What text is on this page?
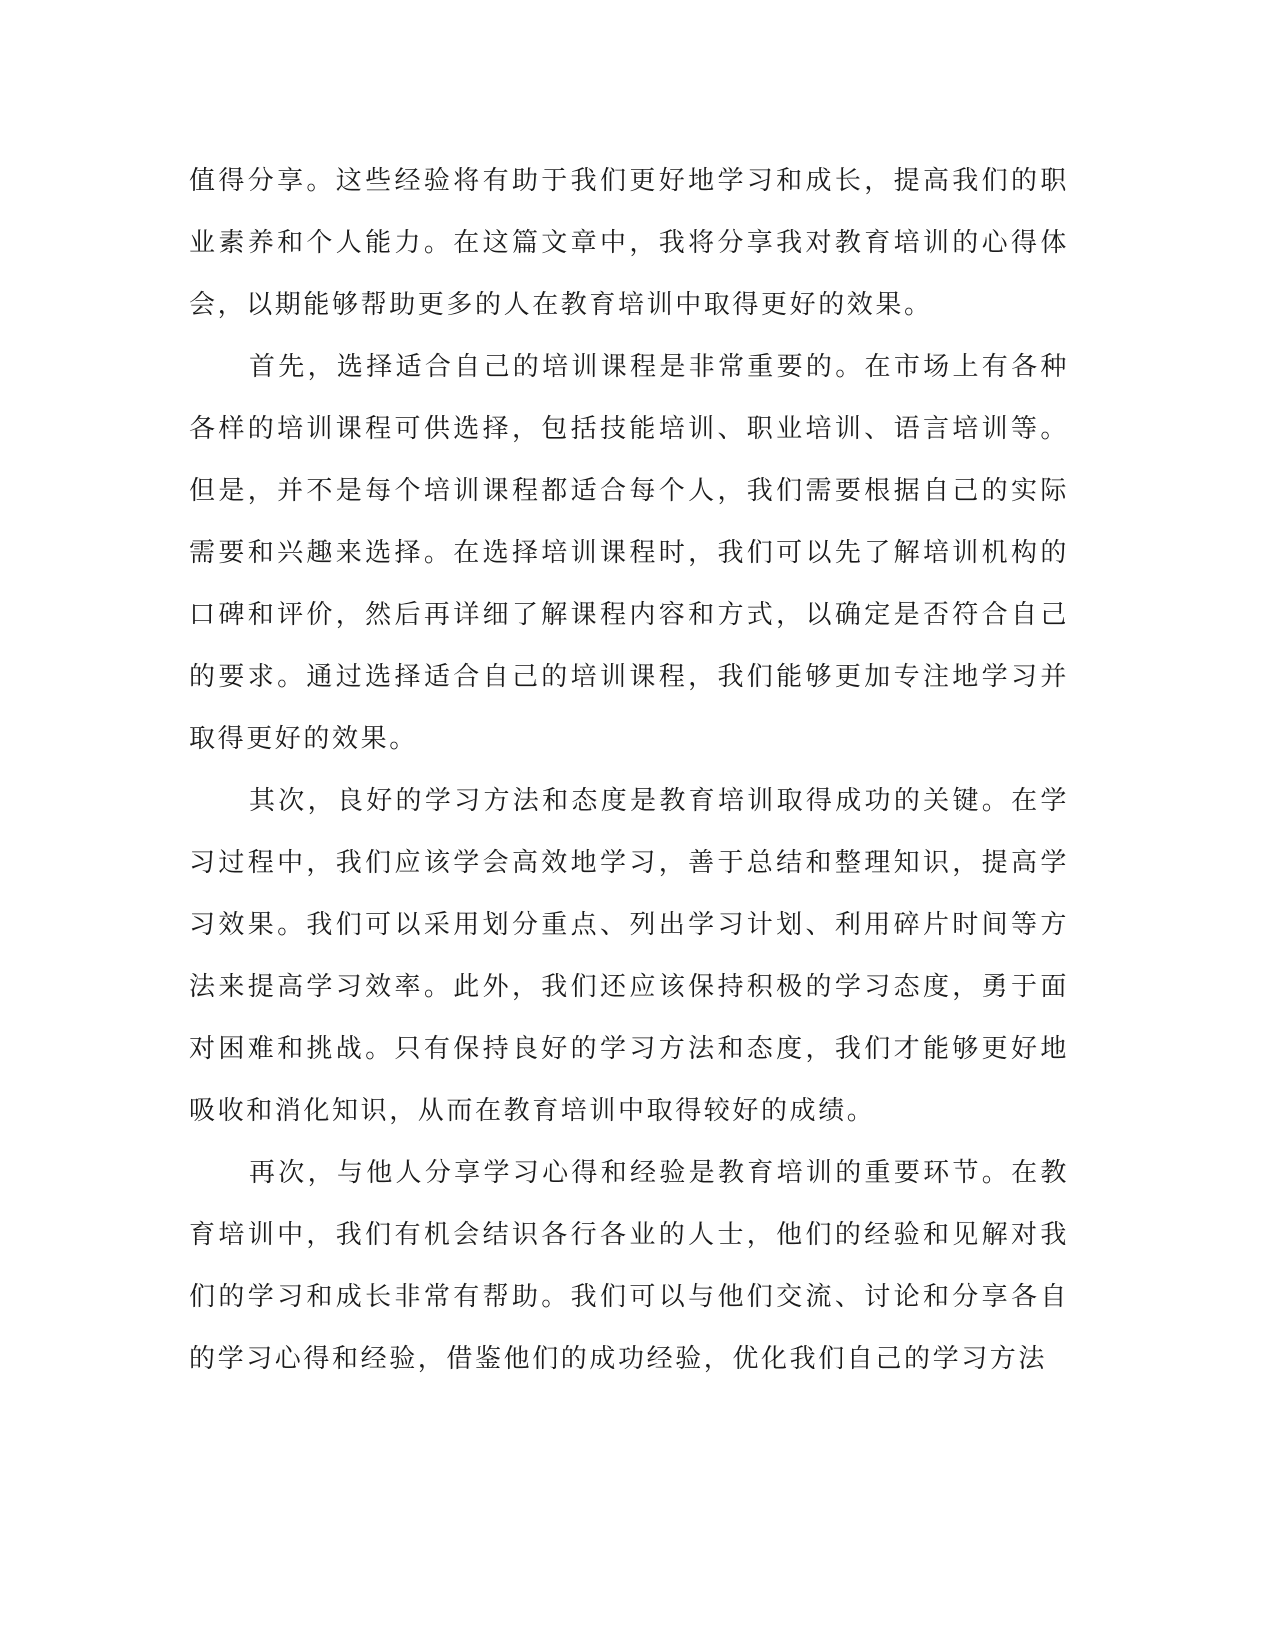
值得分享。这些经验将有助于我们更好地学习和成长，提高我们的职业素养和个人能力。在这篇文章中，我将分享我对教育培训的心得体会，以期能够帮助更多的人在教育培训中取得更好的效果。

首先，选择适合自己的培训课程是非常重要的。在市场上有各种各样的培训课程可供选择，包括技能培训、职业培训、语言培训等。但是，并不是每个培训课程都适合每个人，我们需要根据自己的实际需要和兴趣来选择。在选择培训课程时，我们可以先了解培训机构的口碑和评价，然后再详细了解课程内容和方式，以确定是否符合自己的要求。通过选择适合自己的培训课程，我们能够更加专注地学习并取得更好的效果。

其次，良好的学习方法和态度是教育培训取得成功的关键。在学习过程中，我们应该学会高效地学习，善于总结和整理知识，提高学习效果。我们可以采用划分重点、列出学习计划、利用碎片时间等方法来提高学习效率。此外，我们还应该保持积极的学习态度，勇于面对困难和挑战。只有保持良好的学习方法和态度，我们才能够更好地吸收和消化知识，从而在教育培训中取得较好的成绩。

再次，与他人分享学习心得和经验是教育培训的重要环节。在教育培训中，我们有机会结识各行各业的人士，他们的经验和见解对我们的学习和成长非常有帮助。我们可以与他们交流、讨论和分享各自的学习心得和经验，借鉴他们的成功经验，优化我们自己的学习方法
